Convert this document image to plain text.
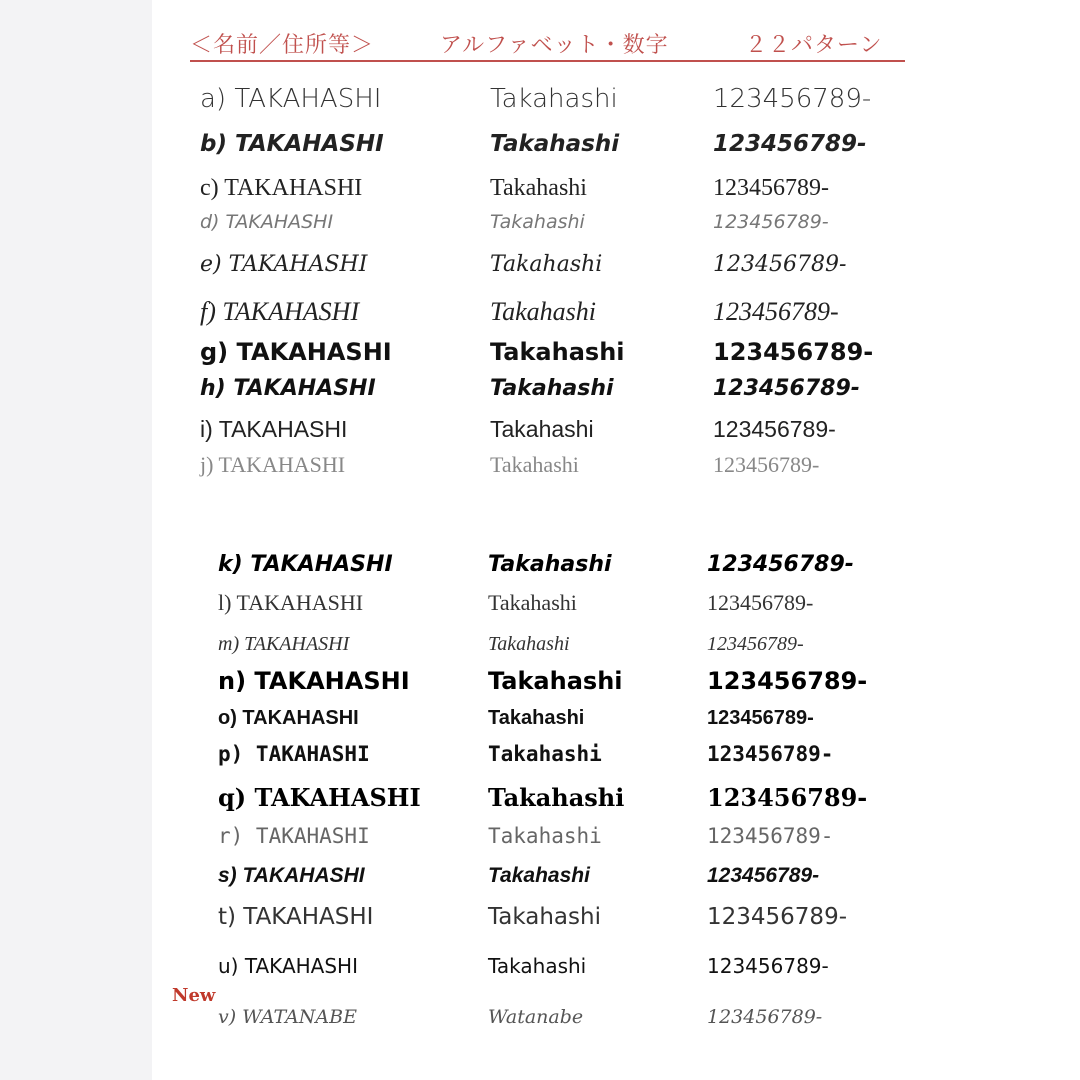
＜名前／住所等＞	アルファベット・数字	２２パターン
a) TAKAHASHI	Takahashi	123456789-
b) TAKAHASHI	Takahashi	123456789-
c) TAKAHASHI	Takahashi	123456789-
d) TAKAHASHI	Takahashi	123456789-
e) TAKAHASHI	Takahashi	123456789-
f) TAKAHASHI	Takahashi	123456789-
g) TAKAHASHI	Takahashi	123456789-
h) TAKAHASHI	Takahashi	123456789-
i) TAKAHASHI	Takahashi	123456789-
j) TAKAHASHI	Takahashi	123456789-
k) TAKAHASHI	Takahashi	123456789-
l) TAKAHASHI	Takahashi	123456789-
m) TAKAHASHI	Takahashi	123456789-
n) TAKAHASHI	Takahashi	123456789-
o) TAKAHASHI	Takahashi	123456789-
p) TAKAHASHI	Takahashi	123456789-
q) TAKAHASHI	Takahashi	123456789-
r) TAKAHASHI	Takahashi	123456789-
s) TAKAHASHI	Takahashi	123456789-
t) TAKAHASHI	Takahashi	123456789-
u) TAKAHASHI	Takahashi	123456789-
v) WATANABE	Watanabe	123456789-
New
